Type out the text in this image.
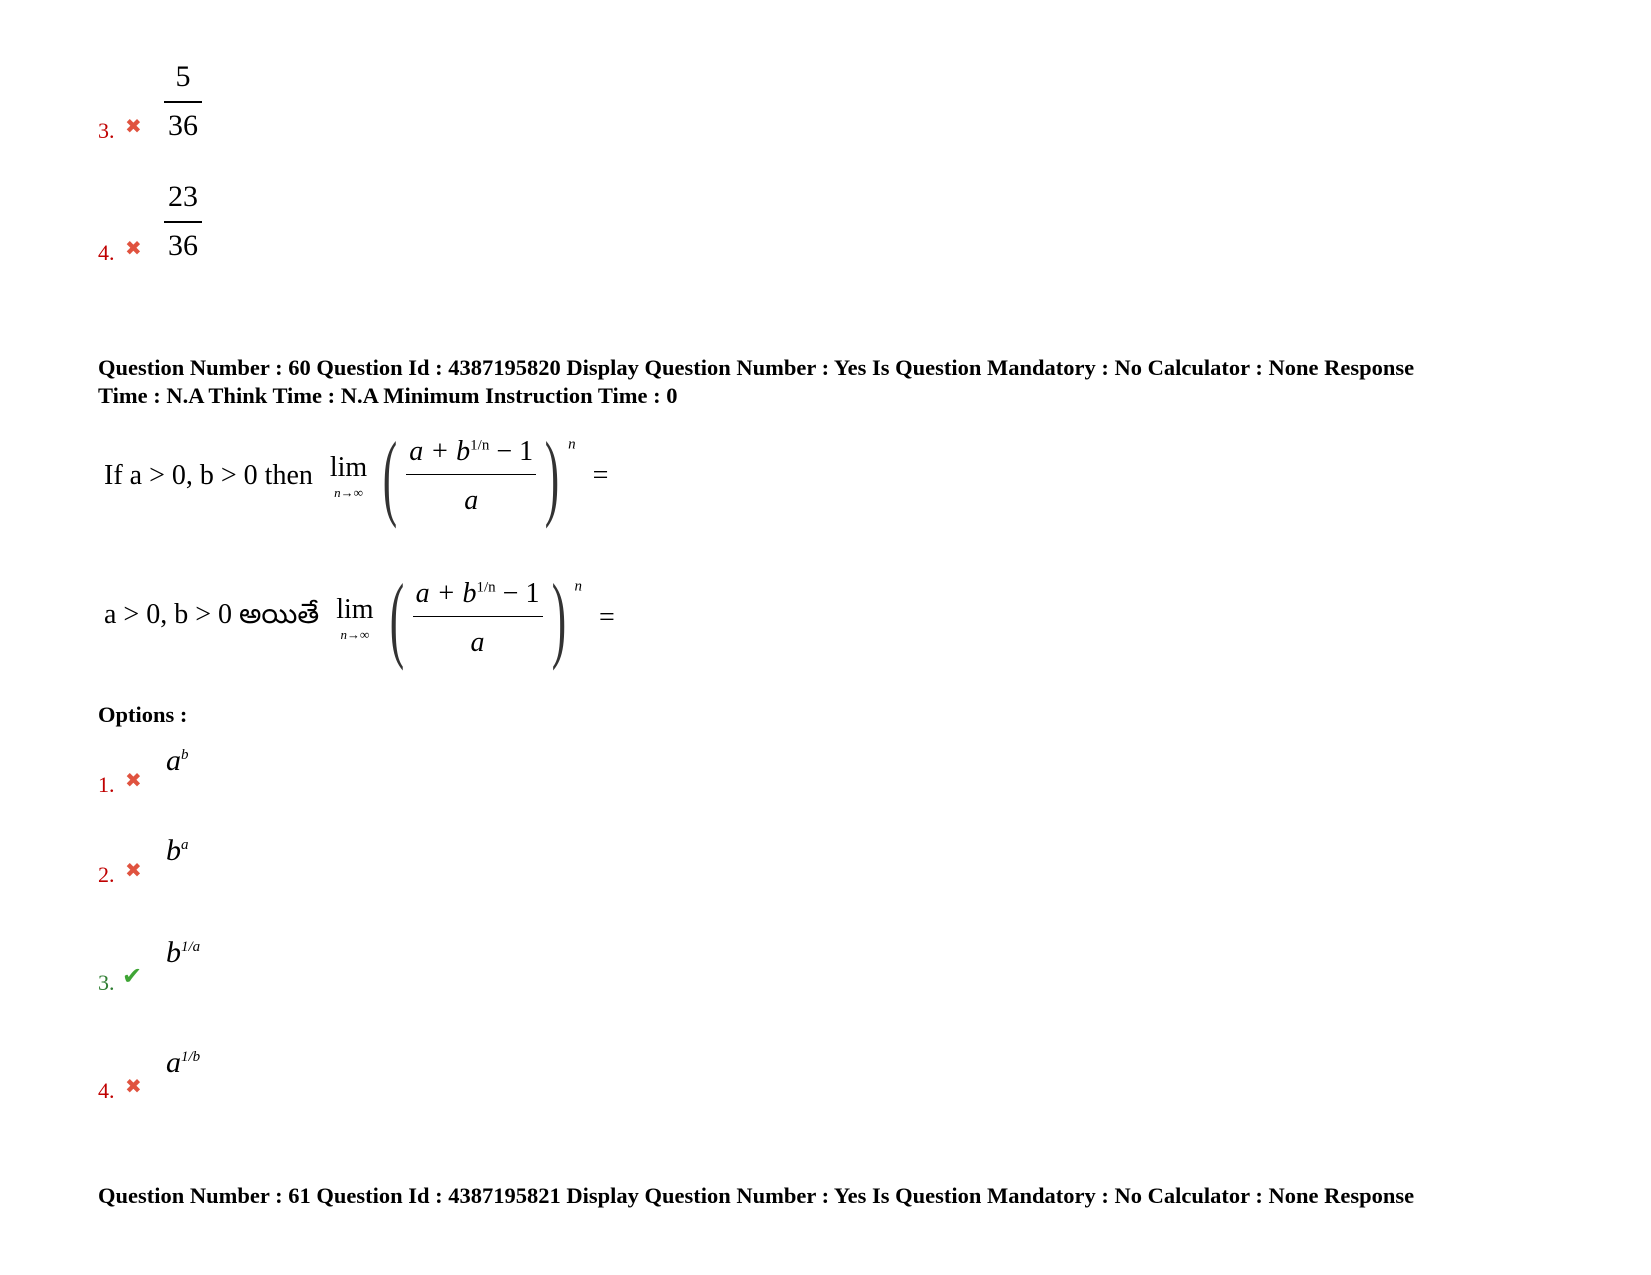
3. ✖
5
36
4. ✖
23
36
Question Number : 60 Question Id : 4387195820 Display Question Number : Yes Is Question Mandatory : No Calculator : None Response
Time : N.A Think Time : N.A Minimum Instruction Time : 0
If a > 0, b > 0 then lim
n→∞ ( $\frac{a + b^{1/n} - 1}{a}$ ) $^n$ =
a > 0, b > 0 అయితే lim
n→∞ ( $\frac{a + b^{1/n} - 1}{a}$ ) $^n$ =
Options :
1. ✖
$a^b$
2. ✖
$b^a$
3. ✔
$b^{1/a}$
4. ✖
$a^{1/b}$
Question Number : 61 Question Id : 4387195821 Display Question Number : Yes Is Question Mandatory : No Calculator : None Response
